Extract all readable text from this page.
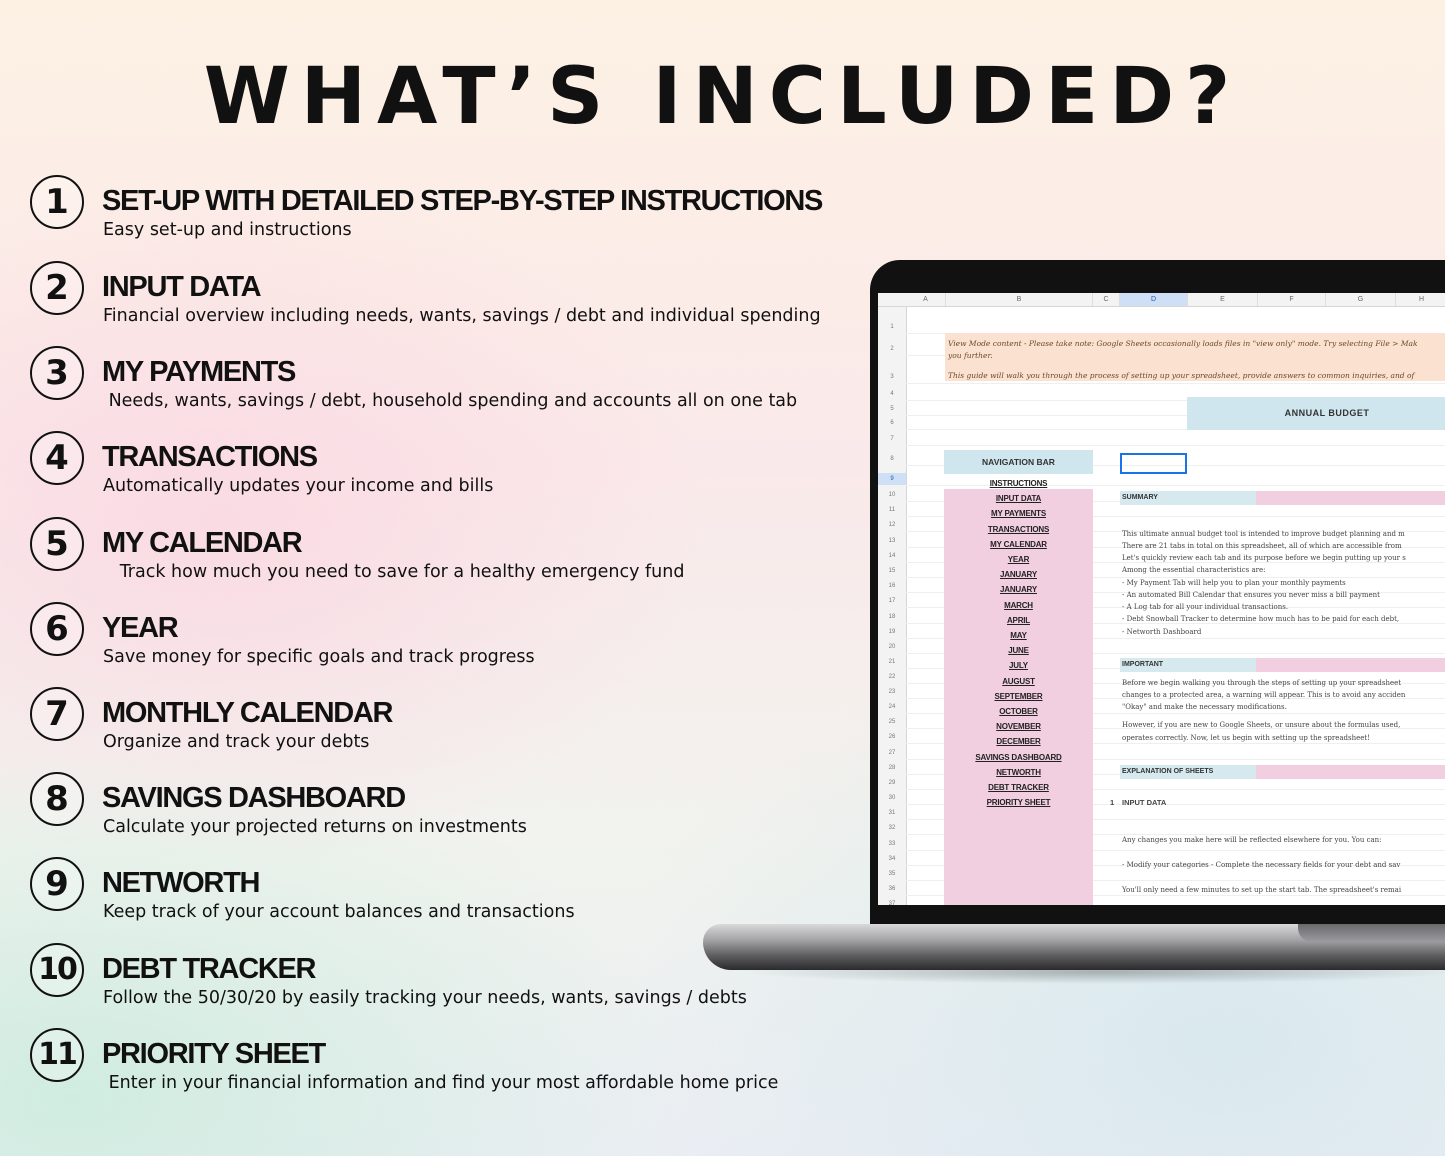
WHAT’S INCLUDED?
1	SET-UP WITH DETAILED STEP-BY-STEP INSTRUCTIONS
Easy set-up and instructions
2	INPUT DATA
Financial overview including needs, wants, savings / debt and individual spending
3	MY PAYMENTS
Needs, wants, savings / debt, household spending and accounts all on one tab
4	TRANSACTIONS
Automatically updates your income and bills
5	MY CALENDAR
Track how much you need to save for a healthy emergency fund
6	YEAR
Save money for specific goals and track progress
7	MONTHLY CALENDAR
Organize and track your debts
8	SAVINGS DASHBOARD
Calculate your projected returns on investments
9	NETWORTH
Keep track of your account balances and transactions
10 DEBT TRACKER
Follow the 50/30/20 by easily tracking your needs, wants, savings / debts
11 PRIORITY SHEET
Enter in your financial information and find your most affordable home price
A	B	C	D	E	F	G	H
1
2
3
4
5
6
7
8
9
10
11
12
13
14
15
16
17
18
19
20
21
22
23
24
25
26
27
28
29
30
31
32
33
34
35
36
37
View Mode content - Please take note: Google Sheets occasionally loads files in "view only" mode. Try selecting File > Mak
you further.
This guide will walk you through the process of setting up your spreadsheet, provide answers to common inquiries, and of
ANNUAL BUDGET
NAVIGATION BAR
INSTRUCTIONS
INPUT DATA
MY PAYMENTS
TRANSACTIONS
MY CALENDAR
YEAR
JANUARY
JANUARY
MARCH
APRIL
MAY
JUNE
JULY
AUGUST
SEPTEMBER
OCTOBER
NOVEMBER
DECEMBER
SAVINGS DASHBOARD
NETWORTH
DEBT TRACKER
PRIORITY SHEET
SUMMARY
This ultimate annual budget tool is intended to improve budget planning and m
There are 21 tabs in total on this spreadsheet, all of which are accessible from
Let's quickly review each tab and its purpose before we begin putting up your s
Among the essential characteristics are:
- My Payment Tab will help you to plan your monthly payments
- An automated Bill Calendar that ensures you never miss a bill payment
- A Log tab for all your individual transactions.
- Debt Snowball Tracker to determine how much has to be paid for each debt,
- Networth Dashboard
IMPORTANT
Before we begin walking you through the steps of setting up your spreadsheet
changes to a protected area, a warning will appear. This is to avoid any acciden
"Okay" and make the necessary modifications.
However, if you are new to Google Sheets, or unsure about the formulas used,
operates correctly. Now, let us begin with setting up the spreadsheet!
EXPLANATION OF SHEETS
1 INPUT DATA
Any changes you make here will be reflected elsewhere for you. You can:
- Modify your categories - Complete the necessary fields for your debt and sav
You'll only need a few minutes to set up the start tab. The spreadsheet's remai
